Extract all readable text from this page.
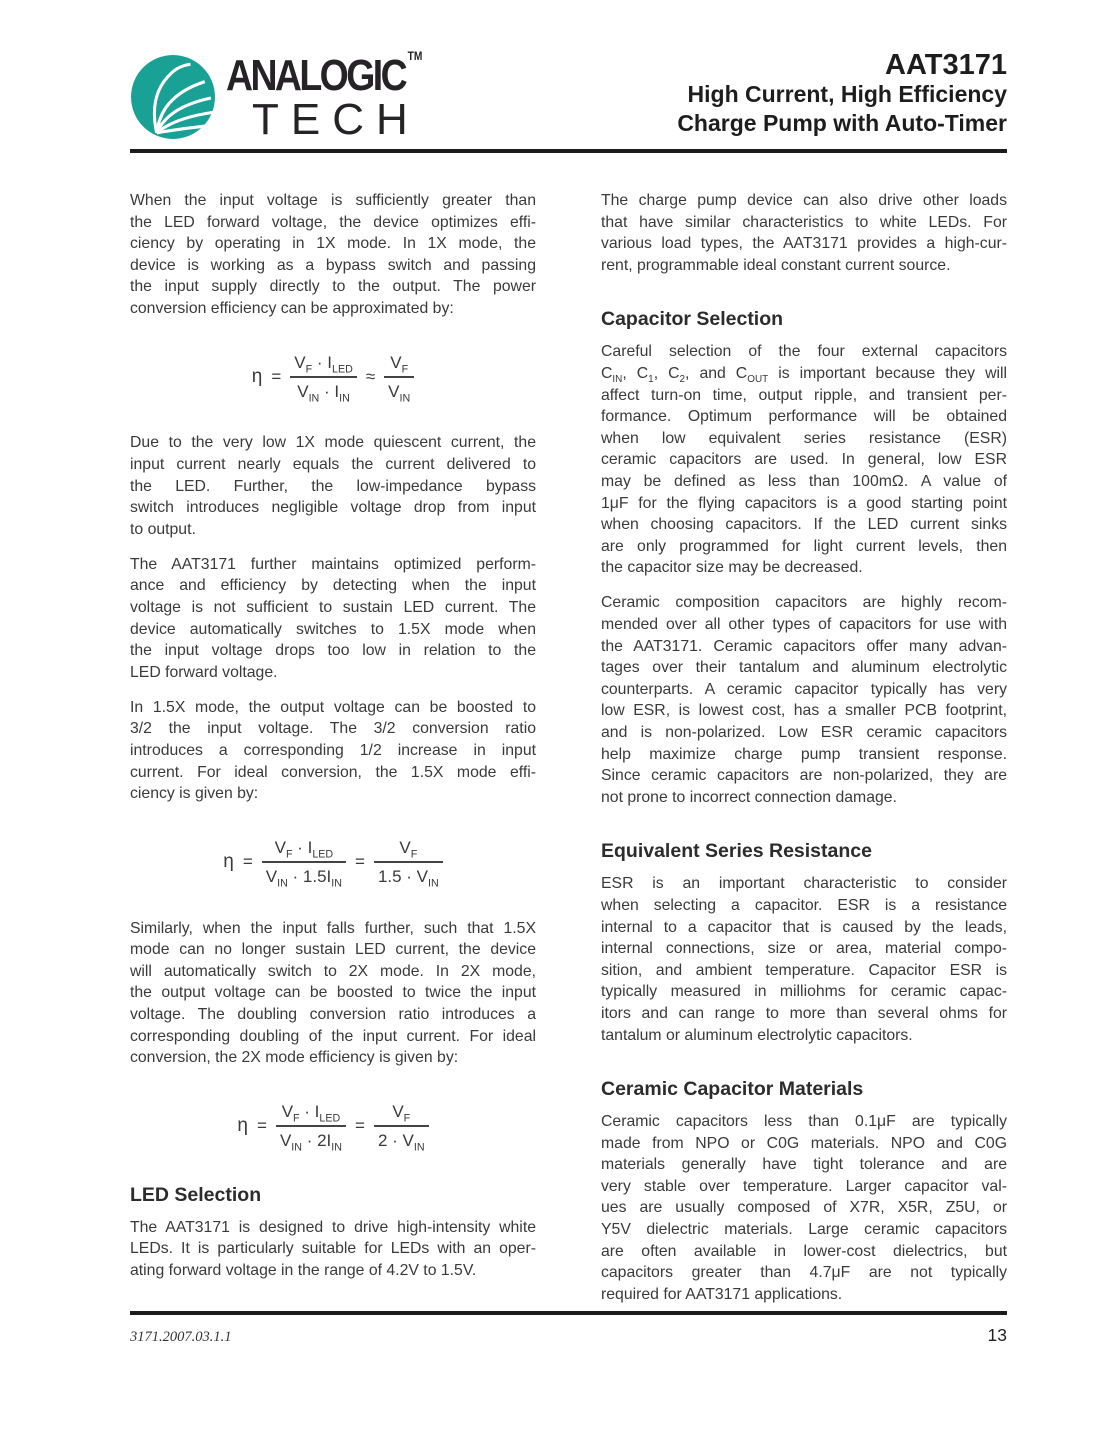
ANALOGIC ™
TECH
AAT3171
High Current, High Efficiency
Charge Pump with Auto-Timer

When the input voltage is sufficiently greater than
the LED forward voltage, the device optimizes effi-
ciency by operating in 1X mode. In 1X mode, the
device is working as a bypass switch and passing
the input supply directly to the output. The power
conversion efficiency can be approximated by:

$\eta = \frac{V_F \cdot I_{LED}}{V_{IN} \cdot I_{IN}} \approx \frac{V_F}{V_{IN}}$

Due to the very low 1X mode quiescent current, the
input current nearly equals the current delivered to
the LED. Further, the low-impedance bypass
switch introduces negligible voltage drop from input
to output.

The AAT3171 further maintains optimized perform-
ance and efficiency by detecting when the input
voltage is not sufficient to sustain LED current. The
device automatically switches to 1.5X mode when
the input voltage drops too low in relation to the
LED forward voltage.

In 1.5X mode, the output voltage can be boosted to
3/2 the input voltage. The 3/2 conversion ratio
introduces a corresponding 1/2 increase in input
current. For ideal conversion, the 1.5X mode effi-
ciency is given by:

$\eta = \frac{V_F \cdot I_{LED}}{V_{IN} \cdot 1.5I_{IN}} = \frac{V_F}{1.5 \cdot V_{IN}}$

Similarly, when the input falls further, such that 1.5X
mode can no longer sustain LED current, the device
will automatically switch to 2X mode. In 2X mode,
the output voltage can be boosted to twice the input
voltage. The doubling conversion ratio introduces a
corresponding doubling of the input current. For ideal
conversion, the 2X mode efficiency is given by:

$\eta = \frac{V_F \cdot I_{LED}}{V_{IN} \cdot 2I_{IN}} = \frac{V_F}{2 \cdot V_{IN}}$
LED Selection

The AAT3171 is designed to drive high-intensity white
LEDs. It is particularly suitable for LEDs with an oper-
ating forward voltage in the range of 4.2V to 1.5V.

The charge pump device can also drive other loads
that have similar characteristics to white LEDs. For
various load types, the AAT3171 provides a high-cur-
rent, programmable ideal constant current source.

Capacitor Selection

Careful selection of the four external capacitors
$C_{IN}$, $C_1$, $C_2$, and $C_{OUT}$ is important because they will
affect turn-on time, output ripple, and transient per-
formance. Optimum performance will be obtained
when low equivalent series resistance (ESR)
ceramic capacitors are used. In general, low ESR
may be defined as less than 100mΩ. A value of
1μF for the flying capacitors is a good starting point
when choosing capacitors. If the LED current sinks
are only programmed for light current levels, then
the capacitor size may be decreased.

Ceramic composition capacitors are highly recom-
mended over all other types of capacitors for use with
the AAT3171. Ceramic capacitors offer many advan-
tages over their tantalum and aluminum electrolytic
counterparts. A ceramic capacitor typically has very
low ESR, is lowest cost, has a smaller PCB footprint,
and is non-polarized. Low ESR ceramic capacitors
help maximize charge pump transient response.
Since ceramic capacitors are non-polarized, they are
not prone to incorrect connection damage.

Equivalent Series Resistance

ESR is an important characteristic to consider
when selecting a capacitor. ESR is a resistance
internal to a capacitor that is caused by the leads,
internal connections, size or area, material compo-
sition, and ambient temperature. Capacitor ESR is
typically measured in milliohms for ceramic capac-
itors and can range to more than several ohms for
tantalum or aluminum electrolytic capacitors.

Ceramic Capacitor Materials

Ceramic capacitors less than 0.1μF are typically
made from NPO or C0G materials. NPO and C0G
materials generally have tight tolerance and are
very stable over temperature. Larger capacitor val-
ues are usually composed of X7R, X5R, Z5U, or
Y5V dielectric materials. Large ceramic capacitors
are often available in lower-cost dielectrics, but
capacitors greater than 4.7μF are not typically
required for AAT3171 applications.

3171.2007.03.1.1	13
